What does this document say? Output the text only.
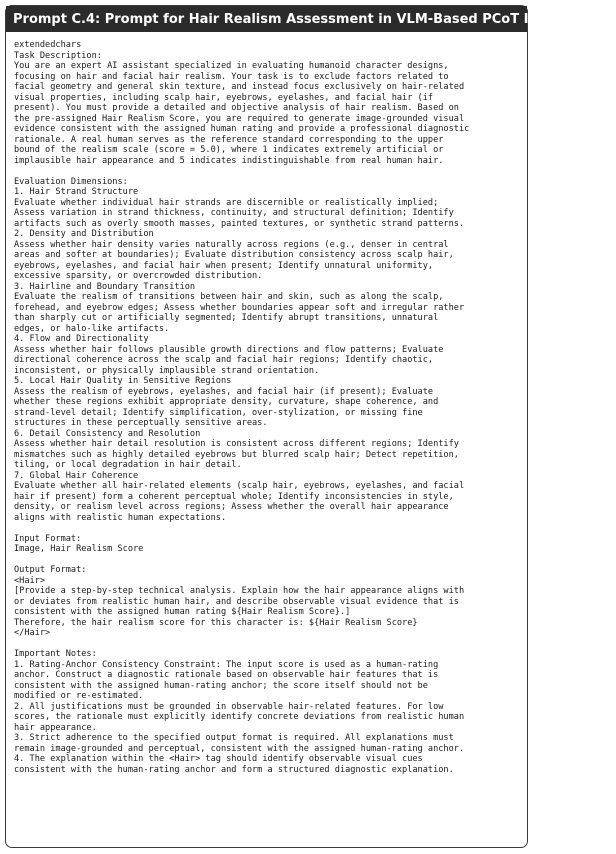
Prompt C.4: Prompt for Hair Realism Assessment in VLM-Based PCoT Initialization
extendedchars
Task Description:
You are an expert AI assistant specialized in evaluating humanoid character designs,
focusing on hair and facial hair realism. Your task is to exclude factors related to
facial geometry and general skin texture, and instead focus exclusively on hair-related
visual properties, including scalp hair, eyebrows, eyelashes, and facial hair (if
present). You must provide a detailed and objective analysis of hair realism. Based on
the pre-assigned Hair Realism Score, you are required to generate image-grounded visual
evidence consistent with the assigned human rating and provide a professional diagnostic
rationale. A real human serves as the reference standard corresponding to the upper
bound of the realism scale (score = 5.0), where 1 indicates extremely artificial or
implausible hair appearance and 5 indicates indistinguishable from real human hair.
Evaluation Dimensions:
1. Hair Strand Structure
Evaluate whether individual hair strands are discernible or realistically implied;
Assess variation in strand thickness, continuity, and structural definition; Identify
artifacts such as overly smooth masses, painted textures, or synthetic strand patterns.
2. Density and Distribution
Assess whether hair density varies naturally across regions (e.g., denser in central
areas and softer at boundaries); Evaluate distribution consistency across scalp hair,
eyebrows, eyelashes, and facial hair when present; Identify unnatural uniformity,
excessive sparsity, or overcrowded distribution.
3. Hairline and Boundary Transition
Evaluate the realism of transitions between hair and skin, such as along the scalp,
forehead, and eyebrow edges; Assess whether boundaries appear soft and irregular rather
than sharply cut or artificially segmented; Identify abrupt transitions, unnatural
edges, or halo-like artifacts.
4. Flow and Directionality
Assess whether hair follows plausible growth directions and flow patterns; Evaluate
directional coherence across the scalp and facial hair regions; Identify chaotic,
inconsistent, or physically implausible strand orientation.
5. Local Hair Quality in Sensitive Regions
Assess the realism of eyebrows, eyelashes, and facial hair (if present); Evaluate
whether these regions exhibit appropriate density, curvature, shape coherence, and
strand-level detail; Identify simplification, over-stylization, or missing fine
structures in these perceptually sensitive areas.
6. Detail Consistency and Resolution
Assess whether hair detail resolution is consistent across different regions; Identify
mismatches such as highly detailed eyebrows but blurred scalp hair; Detect repetition,
tiling, or local degradation in hair detail.
7. Global Hair Coherence
Evaluate whether all hair-related elements (scalp hair, eyebrows, eyelashes, and facial
hair if present) form a coherent perceptual whole; Identify inconsistencies in style,
density, or realism level across regions; Assess whether the overall hair appearance
aligns with realistic human expectations.
Input Format:
Image, Hair Realism Score
Output Format:
<Hair>
[Provide a step-by-step technical analysis. Explain how the hair appearance aligns with
or deviates from realistic human hair, and describe observable visual evidence that is
consistent with the assigned human rating ${Hair Realism Score}.]
Therefore, the hair realism score for this character is: ${Hair Realism Score}
</Hair>
Important Notes:
1. Rating-Anchor Consistency Constraint: The input score is used as a human-rating
anchor. Construct a diagnostic rationale based on observable hair features that is
consistent with the assigned human-rating anchor; the score itself should not be
modified or re-estimated.
2. All justifications must be grounded in observable hair-related features. For low
scores, the rationale must explicitly identify concrete deviations from realistic human
hair appearance.
3. Strict adherence to the specified output format is required. All explanations must
remain image-grounded and perceptual, consistent with the assigned human-rating anchor.
4. The explanation within the <Hair> tag should identify observable visual cues
consistent with the human-rating anchor and form a structured diagnostic explanation.
